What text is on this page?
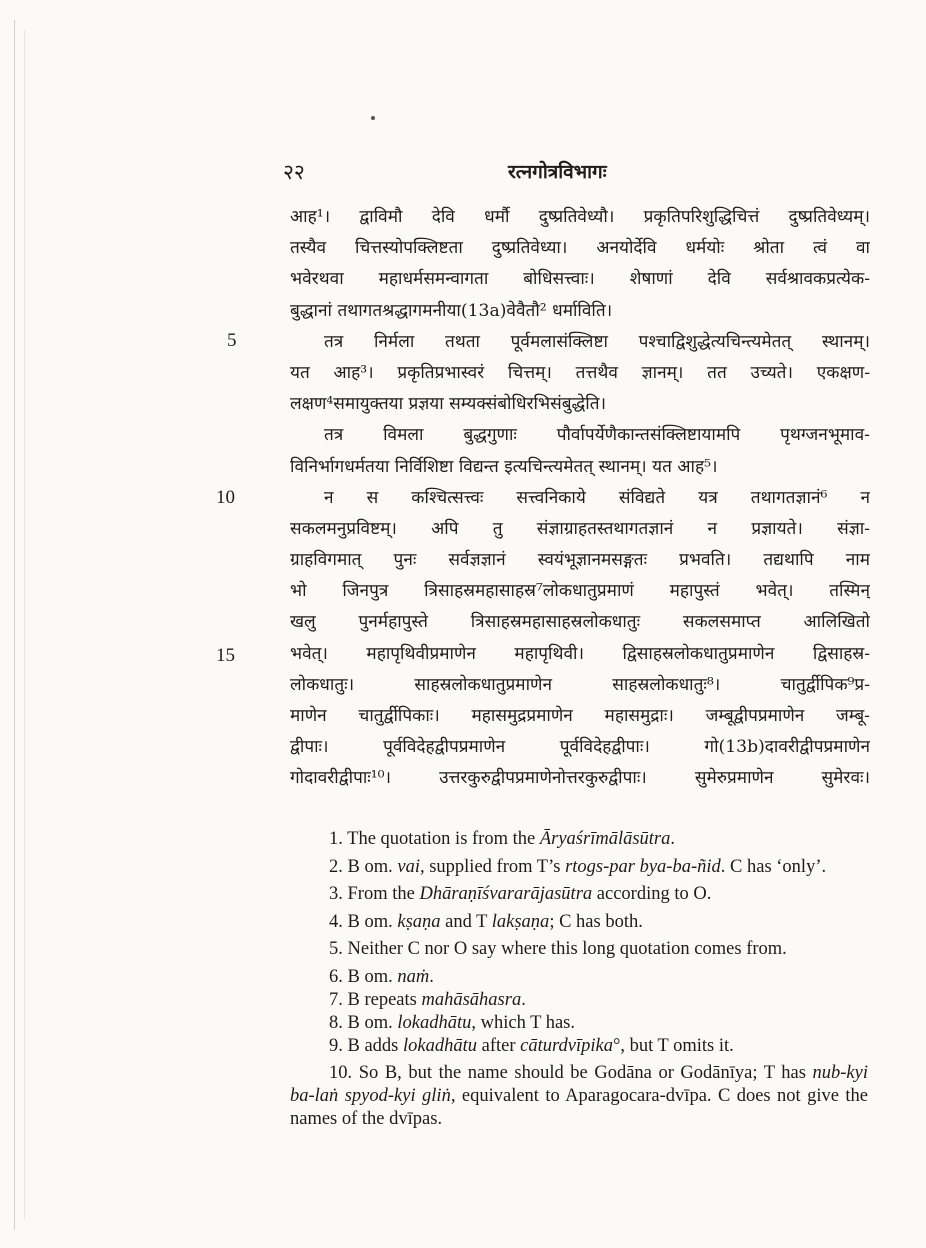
२२	रत्नगोत्रविभागः
5
10
15
आह¹। द्वाविमौ देवि धर्मौ दुष्प्रतिवेध्यौ। प्रकृतिपरिशुद्धिचित्तं दुष्प्रतिवेध्यम्।
तस्यैव चित्तस्योपक्लिष्टता दुष्प्रतिवेध्या। अनयोर्देवि धर्मयोः श्रोता त्वं वा
भवेरथवा महाधर्मसमन्वागता बोधिसत्त्वाः। शेषाणां देवि सर्वश्रावकप्रत्येक-
बुद्धानां तथागतश्रद्धागमनीया(13a)वेवैतौ² धर्माविति।
तत्र निर्मला तथता पूर्वमलासंक्लिष्टा पश्चाद्विशुद्धेत्यचिन्त्यमेतत् स्थानम्।
यत आह³। प्रकृतिप्रभास्वरं चित्तम्। तत्तथैव ज्ञानम्। तत उच्यते। एकक्षण-
लक्षण⁴समायुक्तया प्रज्ञया सम्यक्संबोधिरभिसंबुद्धेति।
तत्र विमला बुद्धगुणाः पौर्वापर्येणैकान्तसंक्लिष्टायामपि पृथग्जनभूमाव-
विनिर्भागधर्मतया निर्विशिष्टा विद्यन्त इत्यचिन्त्यमेतत् स्थानम्। यत आह⁵।
न स कश्चित्सत्त्वः सत्त्वनिकाये संविद्यते यत्र तथागतज्ञानं⁶ न
सकलमनुप्रविष्टम्। अपि तु संज्ञाग्राहतस्तथागतज्ञानं न प्रज्ञायते। संज्ञा-
ग्राहविगमात् पुनः सर्वज्ञज्ञानं स्वयंभूज्ञानमसङ्गतः प्रभवति। तद्यथापि नाम
भो जिनपुत्र त्रिसाहस्रमहासाहस्र⁷लोकधातुप्रमाणं महापुस्तं भवेत्। तस्मिन्
खलु पुनर्महापुस्ते त्रिसाहस्रमहासाहस्रलोकधातुः सकलसमाप्त आलिखितो
भवेत्। महापृथिवीप्रमाणेन महापृथिवी। द्विसाहस्रलोकधातुप्रमाणेन द्विसाहस्र-
लोकधातुः। साहस्रलोकधातुप्रमाणेन साहस्रलोकधातुः⁸। चातुर्द्वीपिक⁹प्र-
माणेन चातुर्द्वीपिकाः। महासमुद्रप्रमाणेन महासमुद्राः। जम्बूद्वीपप्रमाणेन जम्बू-
द्वीपाः। पूर्वविदेहद्वीपप्रमाणेन पूर्वविदेहद्वीपाः। गो(13b)दावरीद्वीपप्रमाणेन
गोदावरीद्वीपाः¹⁰। उत्तरकुरुद्वीपप्रमाणेनोत्तरकुरुद्वीपाः। सुमेरुप्रमाणेन सुमेरवः।

1. The quotation is from the Āryaśrīmālāsūtra.

2. B om. vai, supplied from T’s rtogs-par bya-ba-ñid. C has ‘only’.

3. From the Dhāraṇīśvararājasūtra according to O.

4. B om. kṣaṇa and T lakṣaṇa; C has both.

5. Neither C nor O say where this long quotation comes from.

6. B om. naṁ.

7. B repeats mahāsāhasra.

8. B om. lokadhātu, which T has.

9. B adds lokadhātu after cāturdvīpika°, but T omits it.

10. So B, but the name should be Godāna or Godānīya; T has nub-kyi ba-laṅ spyod-kyi gliṅ, equivalent to Aparagocara-dvīpa. C does not give the names of the dvīpas.
